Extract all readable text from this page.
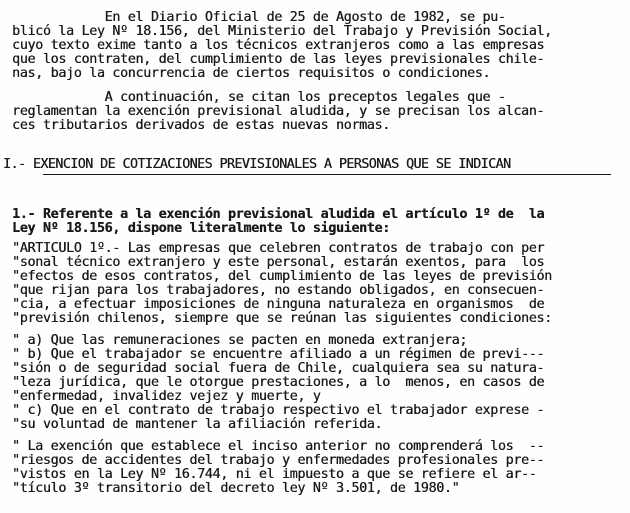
En el Diario Oficial de 25 de Agosto de 1982, se pu-
blicó la Ley Nº 18.156, del Ministerio del Trabajo y Previsión Social,
cuyo texto exime tanto a los técnicos extranjeros como a las empresas
que los contraten, del cumplimiento de las leyes previsionales chile-
nas, bajo la concurrencia de ciertos requisitos o condiciones.
A continuación, se citan los preceptos legales que -
reglamentan la exención previsional aludida, y se precisan los alcan-
ces tributarios derivados de estas nuevas normas.
I.- EXENCION DE COTIZACIONES PREVISIONALES A PERSONAS QUE SE INDICAN
1.- Referente a la exención previsional aludida el artículo 1º de  la
Ley Nº 18.156, dispone literalmente lo siguiente:
"ARTICULO 1º.- Las empresas que celebren contratos de trabajo con per
"sonal técnico extranjero y este personal, estarán exentos, para  los
"efectos de esos contratos, del cumplimiento de las leyes de previsión
"que rijan para los trabajadores, no estando obligados, en consecuen-
"cia, a efectuar imposiciones de ninguna naturaleza en organismos  de
"previsión chilenos, siempre que se reúnan las siguientes condiciones:
" a) Que las remuneraciones se pacten en moneda extranjera;
" b) Que el trabajador se encuentre afiliado a un régimen de previ---
"sión o de seguridad social fuera de Chile, cualquiera sea su natura-
"leza jurídica, que le otorgue prestaciones, a lo  menos, en casos de
"enfermedad, invalidez vejez y muerte, y
" c) Que en el contrato de trabajo respectivo el trabajador exprese -
"su voluntad de mantener la afiliación referida.
" La exención que establece el inciso anterior no comprenderá los  --
"riesgos de accidentes del trabajo y enfermedades profesionales pre--
"vistos en la Ley Nº 16.744, ni el impuesto a que se refiere el ar--
"tículo 3º transitorio del decreto ley Nº 3.501, de 1980."
